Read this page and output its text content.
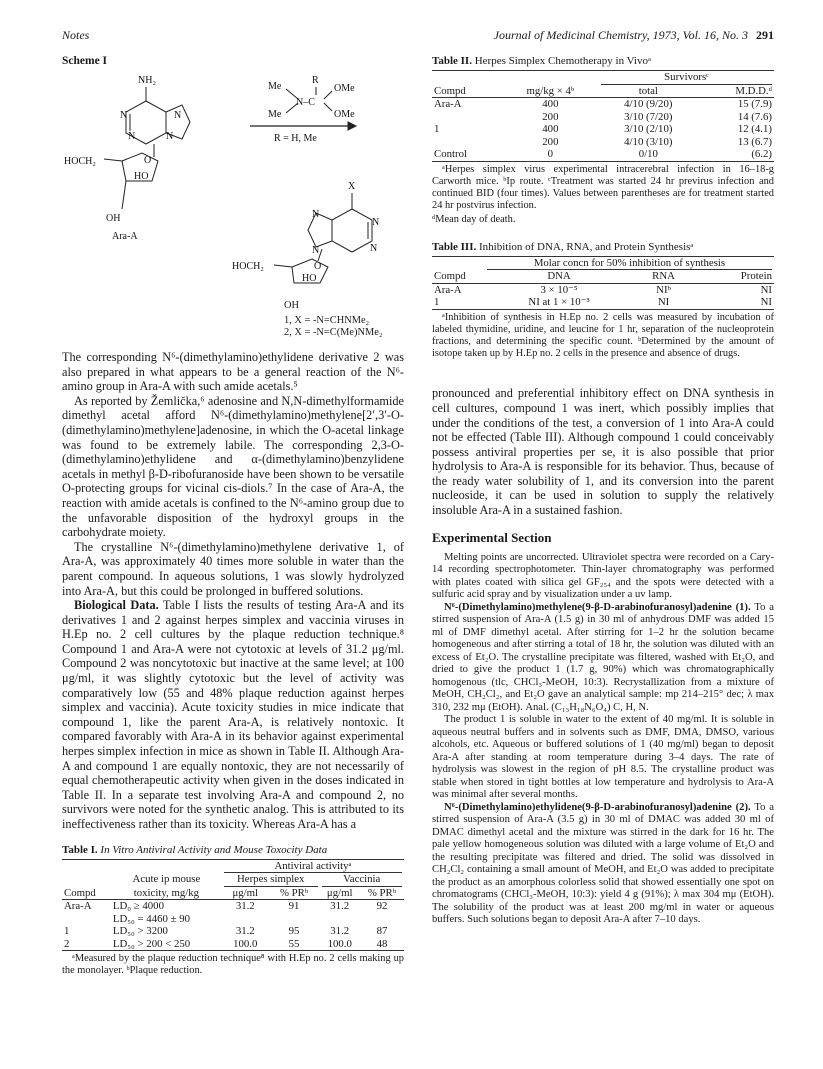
Notes	Journal of Medicinal Chemistry, 1973, Vol. 16, No. 3 291
Scheme I
NH₂
N	N
N	N
HOCH₂	O
HO
OH
Ara-A
Me
R
OMe
N–C
Me	OMe
R = H, Me
X
N
N
N	N
HOCH₂	O
HO
OH
1, X = -N=CHNMe₂
2, X = -N=C(Me)NMe₂

The corresponding N⁶-(dimethylamino)ethylidene derivative 2 was also prepared in what appears to be a general reaction of the N⁶-amino group in Ara-A with such amide acetals.⁵

As reported by Žemlička,⁶ adenosine and N,N-dimethylformamide dimethyl acetal afford N⁶-(dimethylamino)methylene[2′,3′-O-(dimethylamino)methylene]adenosine, in which the O-acetal linkage was found to be extremely labile. The corresponding 2,3-O-(dimethylamino)ethylidene and α-(dimethylamino)benzylidene acetals in methyl β-D-ribofuranoside have been shown to be versatile O-protecting groups for vicinal cis-diols.⁷ In the case of Ara-A, the reaction with amide acetals is confined to the N⁶-amino group due to the unfavorable disposition of the hydroxyl groups in the carbohydrate moiety.

The crystalline N⁶-(dimethylamino)methylene derivative 1, of Ara-A, was approximately 40 times more soluble in water than the parent compound. In aqueous solutions, 1 was slowly hydrolyzed into Ara-A, but this could be prolonged in buffered solutions.

Biological Data. Table I lists the results of testing Ara-A and its derivatives 1 and 2 against herpes simplex and vaccinia viruses in H.Ep no. 2 cell cultures by the plaque reduction technique.⁸ Compound 1 and Ara-A were not cytotoxic at levels of 31.2 μg/ml. Compound 2 was noncytotoxic but inactive at the same level; at 100 μg/ml, it was slightly cytotoxic but the level of activity was comparatively low (55 and 48% plaque reduction against herpes simplex and vaccinia). Acute toxicity studies in mice indicate that compound 1, like the parent Ara-A, is relatively nontoxic. It compared favorably with Ara-A in its behavior against experimental herpes simplex infection in mice as shown in Table II. Although Ara-A and compound 1 are equally nontoxic, they are not necessarily of equal chemotherapeutic activity when given in the doses indicated in Table II. In a separate test involving Ara-A and compound 2, no survivors were noted for the synthetic analog. This is attributed to its ineffectiveness rather than its toxicity. Whereas Ara-A has a

Table I. In Vitro Antiviral Activity and Mouse Toxocity Data

		Antiviral activityᵃ			

	Acute ip mouse	Herpes simplex		Vaccinia	

Compd	toxicity, mg/kg	μg/ml	% PRᵇ	μg/ml	% PRᵇ
Ara-A	LD₀ ≥ 4000	31.2	91	31.2	92
	LD₅₀ = 4460 ± 90				
1	LD₅₀ > 3200	31.2	95	31.2	87
2	LD₅₀ > 200 < 250	100.0	55	100.0	48

ᵃMeasured by the plaque reduction technique⁸ with H.Ep no. 2 cells making up the monolayer. ᵇPlaque reduction.

Table II. Herpes Simplex Chemotherapy in Vivoᵃ

		Survivorsᶜ	

Compd	mg/kg × 4ᵇ	total	M.D.D.ᵈ
Ara-A	400	4/10 (9/20)	15 (7.9)
	200	3/10 (7/20)	14 (7.6)
1	400	3/10 (2/10)	12 (4.1)
	200	4/10 (3/10)	13 (6.7)
Control	0	0/10	(6.2)

ᵃHerpes simplex virus experimental intracerebral infection in 16–18-g Carworth mice. ᵇIp route. ᶜTreatment was started 24 hr previrus infection and continued BID (four times). Values between parentheses are for treatment started 24 hr postvirus infection.

ᵈMean day of death.

Table III. Inhibition of DNA, RNA, and Protein Synthesisᵃ

	Molar concn for 50% inhibition of synthesis		

Compd	DNA	RNA	Protein
Ara-A	3 × 10⁻⁵	NIᵇ	NI
1	NI at 1 × 10⁻³	NI	NI

ᵃInhibition of synthesis in H.Ep no. 2 cells was measured by incubation of labeled thymidine, uridine, and leucine for 1 hr, separation of the nucleoprotein fractions, and determining the specific count. ᵇDetermined by the amount of isotope taken up by H.Ep no. 2 cells in the presence and absence of drugs.

pronounced and preferential inhibitory effect on DNA synthesis in cell cultures, compound 1 was inert, which possibly implies that under the conditions of the test, a conversion of 1 into Ara-A could not be effected (Table III). Although compound 1 could conceivably possess antiviral properties per se, it is also possible that prior hydrolysis to Ara-A is responsible for its behavior. Thus, because of the ready water solubility of 1, and its conversion into the parent nucleoside, it can be used in solution to supply the relatively insoluble Ara-A in a sustained fashion.

Experimental Section

Melting points are uncorrected. Ultraviolet spectra were recorded on a Cary-14 recording spectrophotometer. Thin-layer chromatography was performed with plates coated with silica gel GF₂₅₄ and the spots were detected with a sulfuric acid spray and by visualization under a uv lamp.

N⁶-(Dimethylamino)methylene(9-β-D-arabinofuranosyl)adenine (1). To a stirred suspension of Ara-A (1.5 g) in 30 ml of anhydrous DMF was added 15 ml of DMF dimethyl acetal. After stirring for 1–2 hr the solution became homogeneous and after stirring a total of 18 hr, the solution was diluted with an excess of Et₂O. The crystalline precipitate was filtered, washed with Et₂O, and dried to give the product 1 (1.7 g, 90%) which was chromatographically homogenous (tlc, CHCl₃-MeOH, 10:3). Recrystallization from a mixture of MeOH, CH₂Cl₂, and Et₂O gave an analytical sample: mp 214–215° dec; λ max 310, 232 mμ (EtOH). Anal. (C₁₃H₁₈N₆O₄) C, H, N.

The product 1 is soluble in water to the extent of 40 mg/ml. It is soluble in aqueous neutral buffers and in solvents such as DMF, DMA, DMSO, various alcohols, etc. Aqueous or buffered solutions of 1 (40 mg/ml) began to deposit Ara-A after standing at room temperature during 3–4 days. The rate of hydrolysis was slowest in the region of pH 8.5. The crystalline product was stable when stored in tight bottles at low temperature and hydrolysis to Ara-A was minimal after several months.

N⁶-(Dimethylamino)ethylidene(9-β-D-arabinofuranosyl)adenine (2). To a stirred suspension of Ara-A (3.5 g) in 30 ml of DMAC was added 30 ml of DMAC dimethyl acetal and the mixture was stirred in the dark for 16 hr. The pale yellow homogeneous solution was diluted with a large volume of Et₂O and the resulting precipitate was filtered and dried. The solid was dissolved in CH₂Cl₂ containing a small amount of MeOH, and Et₂O was added to precipitate the product as an amorphous colorless solid that showed essentially one spot on chromatograms (CHCl₃-MeOH, 10:3): yield 4 g (91%); λ max 304 mμ (EtOH). The solubility of the product was at least 200 mg/ml in water or aqueous buffers. Such solutions began to deposit Ara-A after 7–10 days.
